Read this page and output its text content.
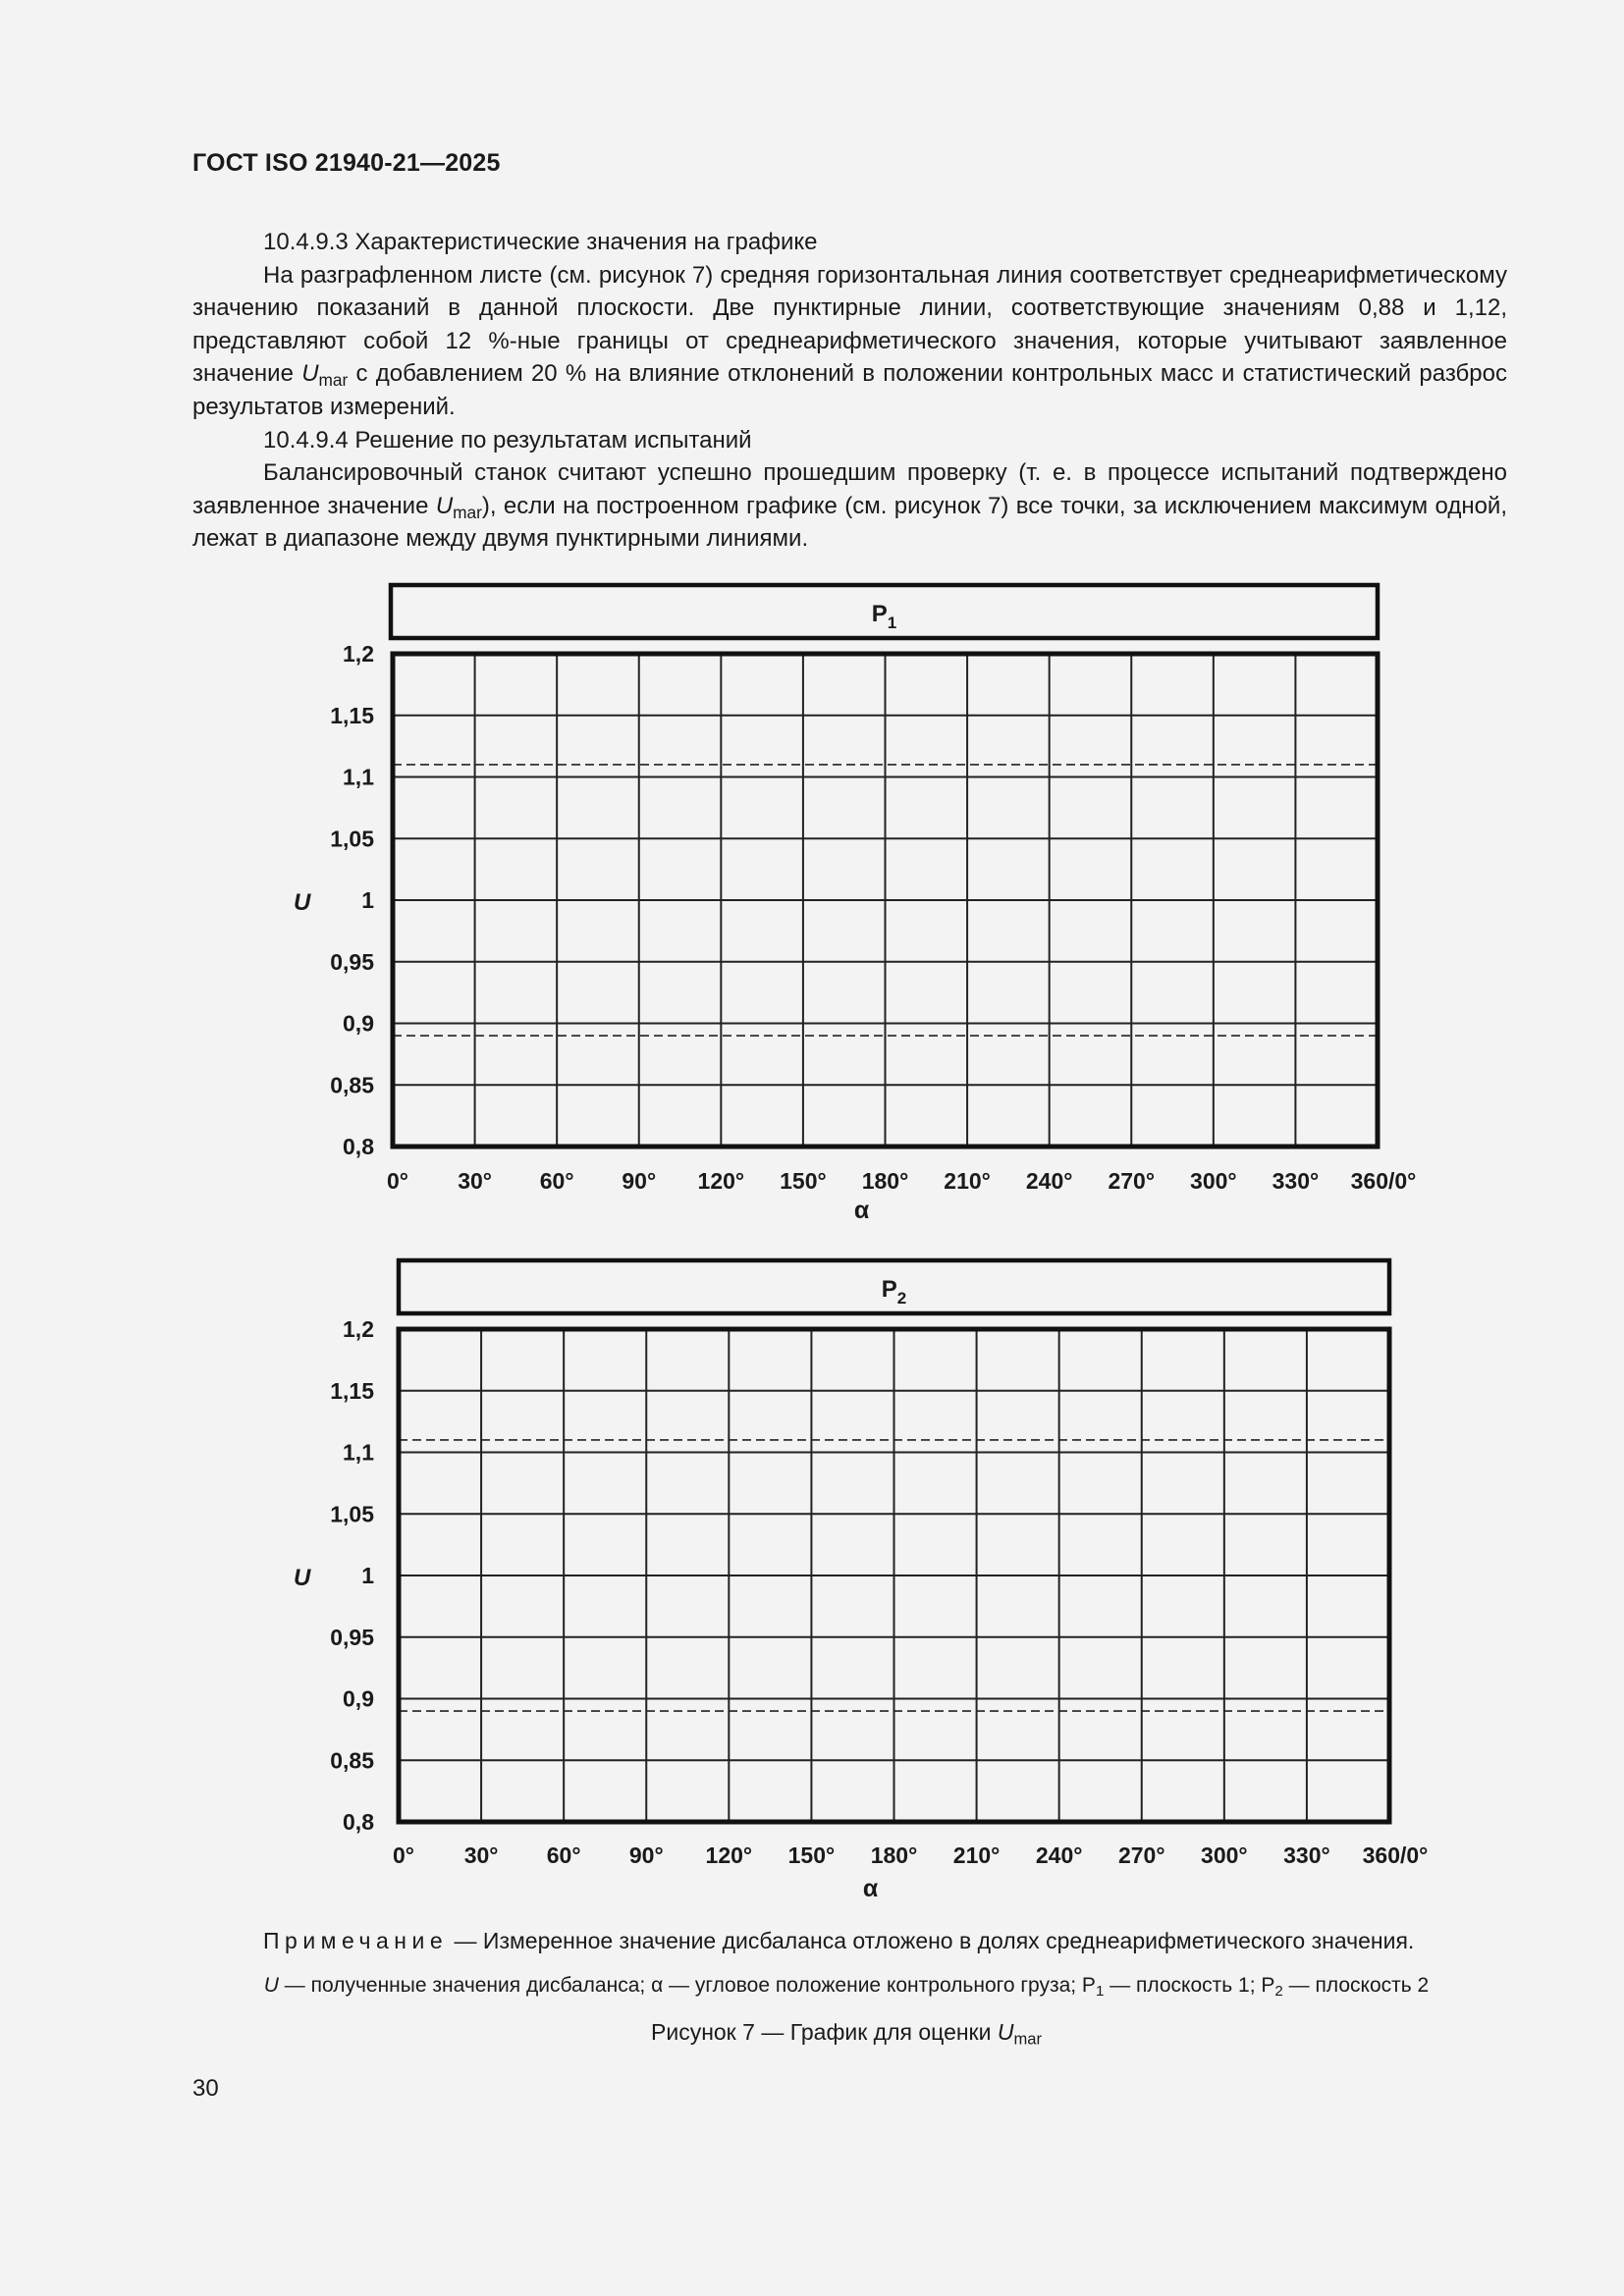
ГОСТ ISO 21940-21—2025

10.4.9.3 Характеристические значения на графике

На разграфленном листе (см. рисунок 7) средняя горизонтальная линия соответствует среднеарифметическому значению показаний в данной плоскости. Две пунктирные линии, соответствующие значениям 0,88 и 1,12, представляют собой 12 %-ные границы от среднеарифметического значения, которые учитывают заявленное значение $U_{mar}$ с добавлением 20 % на влияние отклонений в положении контрольных масс и статистический разброс результатов измерений.

10.4.9.4 Решение по результатам испытаний

Балансировочный станок считают успешно прошедшим проверку (т. е. в процессе испытаний подтверждено заявленное значение $U_{mar}$), если на построенном графике (см. рисунок 7) все точки, за исключением максимум одной, лежат в диапазоне между двумя пунктирными линиями.

$P_1$
0° 30° 60° 90° 120° 150° 180° 210° 240° 270° 300° 330° 360/0°
0,8
0,85
0,9
0,95
1
1,05
1,1
1,15
1,2
U
α
$P_2$
0° 30° 60° 90° 120° 150° 180° 210° 240° 270° 300° 330° 360/0°
0,8
0,85
0,9
0,95
1
1,05
1,1
1,15
1,2
U
α
Примечание — Измеренное значение дисбаланса отложено в долях среднеарифметического значения.
U — полученные значения дисбаланса; α — угловое положение контрольного груза; $P_1$ — плоскость 1; $P_2$ — плоскость 2
Рисунок 7 — График для оценки $U_{mar}$
30
